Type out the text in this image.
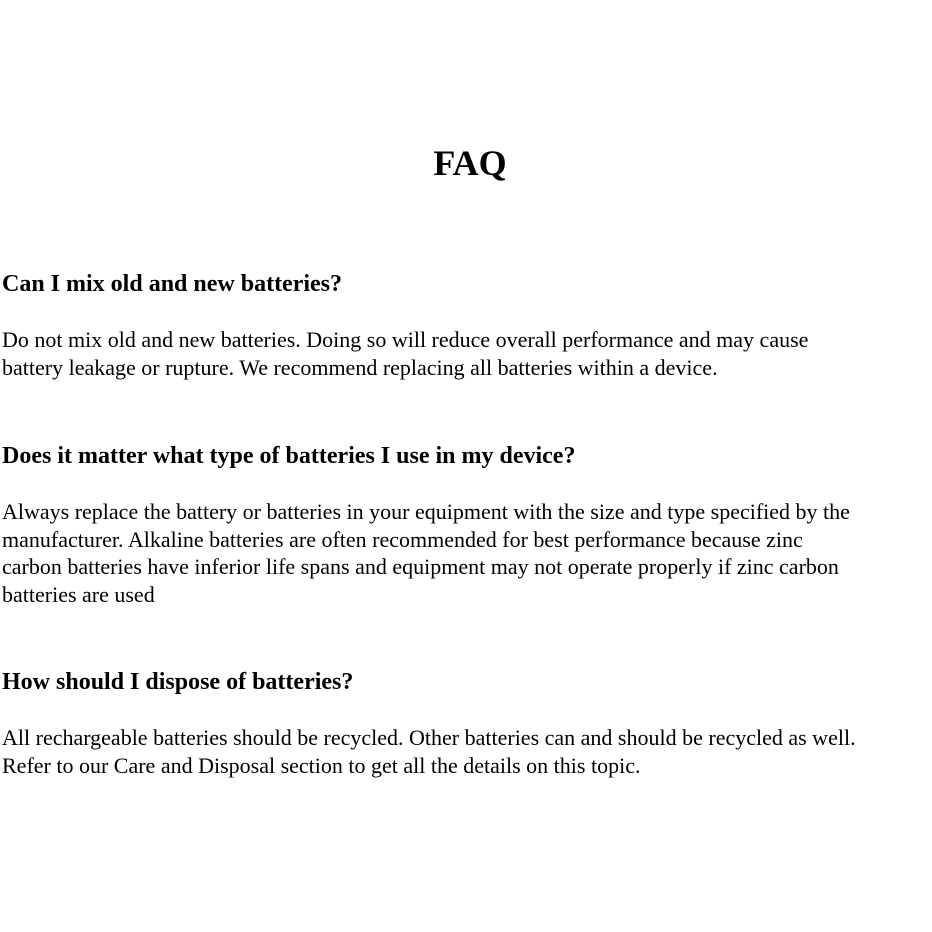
FAQ
Can I mix old and new batteries?

Do not mix old and new batteries. Doing so will reduce overall performance and may cause
battery leakage or rupture. We recommend replacing all batteries within a device.

Does it matter what type of batteries I use in my device?

Always replace the battery or batteries in your equipment with the size and type specified by the
manufacturer. Alkaline batteries are often recommended for best performance because zinc
carbon batteries have inferior life spans and equipment may not operate properly if zinc carbon
batteries are used

How should I dispose of batteries?

All rechargeable batteries should be recycled. Other batteries can and should be recycled as well.
Refer to our Care and Disposal section to get all the details on this topic.
